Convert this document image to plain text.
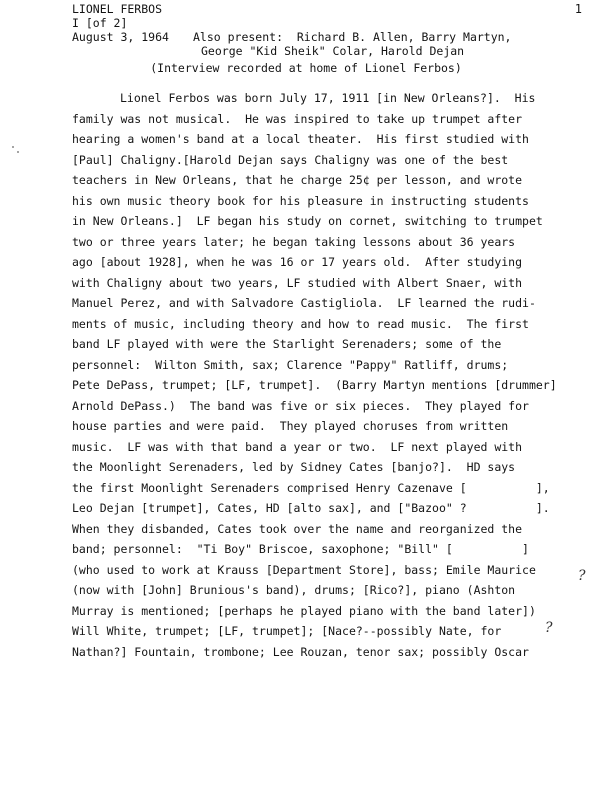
LIONEL FERBOS	1
I [of 2]
August 3, 1964 Also present:  Richard B. Allen, Barry Martyn,
George "Kid Sheik" Colar, Harold Dejan
(Interview recorded at home of Lionel Ferbos)
Lionel Ferbos was born July 17, 1911 [in New Orleans?].  His
family was not musical.  He was inspired to take up trumpet after
hearing a women's band at a local theater.  His first studied with
[Paul] Chaligny.[Harold Dejan says Chaligny was one of the best
teachers in New Orleans, that he charge 25¢ per lesson, and wrote
his own music theory book for his pleasure in instructing students
in New Orleans.]  LF began his study on cornet, switching to trumpet
two or three years later; he began taking lessons about 36 years
ago [about 1928], when he was 16 or 17 years old.  After studying
with Chaligny about two years, LF studied with Albert Snaer, with
Manuel Perez, and with Salvadore Castigliola.  LF learned the rudi-
ments of music, including theory and how to read music.  The first
band LF played with were the Starlight Serenaders; some of the
personnel:  Wilton Smith, sax; Clarence "Pappy" Ratliff, drums;
Pete DePass, trumpet; [LF, trumpet].  (Barry Martyn mentions [drummer]
Arnold DePass.)  The band was five or six pieces.  They played for
house parties and were paid.  They played choruses from written
music.  LF was with that band a year or two.  LF next played with
the Moonlight Serenaders, led by Sidney Cates [banjo?].  HD says
the first Moonlight Serenaders comprised Henry Cazenave [          ],
Leo Dejan [trumpet], Cates, HD [alto sax], and ["Bazoo" ?          ].
When they disbanded, Cates took over the name and reorganized the
band; personnel:  "Ti Boy" Briscoe, saxophone; "Bill" [          ]
(who used to work at Krauss [Department Store], bass; Emile Maurice
(now with [John] Brunious's band), drums; [Rico?], piano (Ashton
Murray is mentioned; [perhaps he played piano with the band later])
Will White, trumpet; [LF, trumpet]; [Nace?--possibly Nate, for
Nathan?] Fountain, trombone; Lee Rouzan, tenor sax; possibly Oscar
?
?
